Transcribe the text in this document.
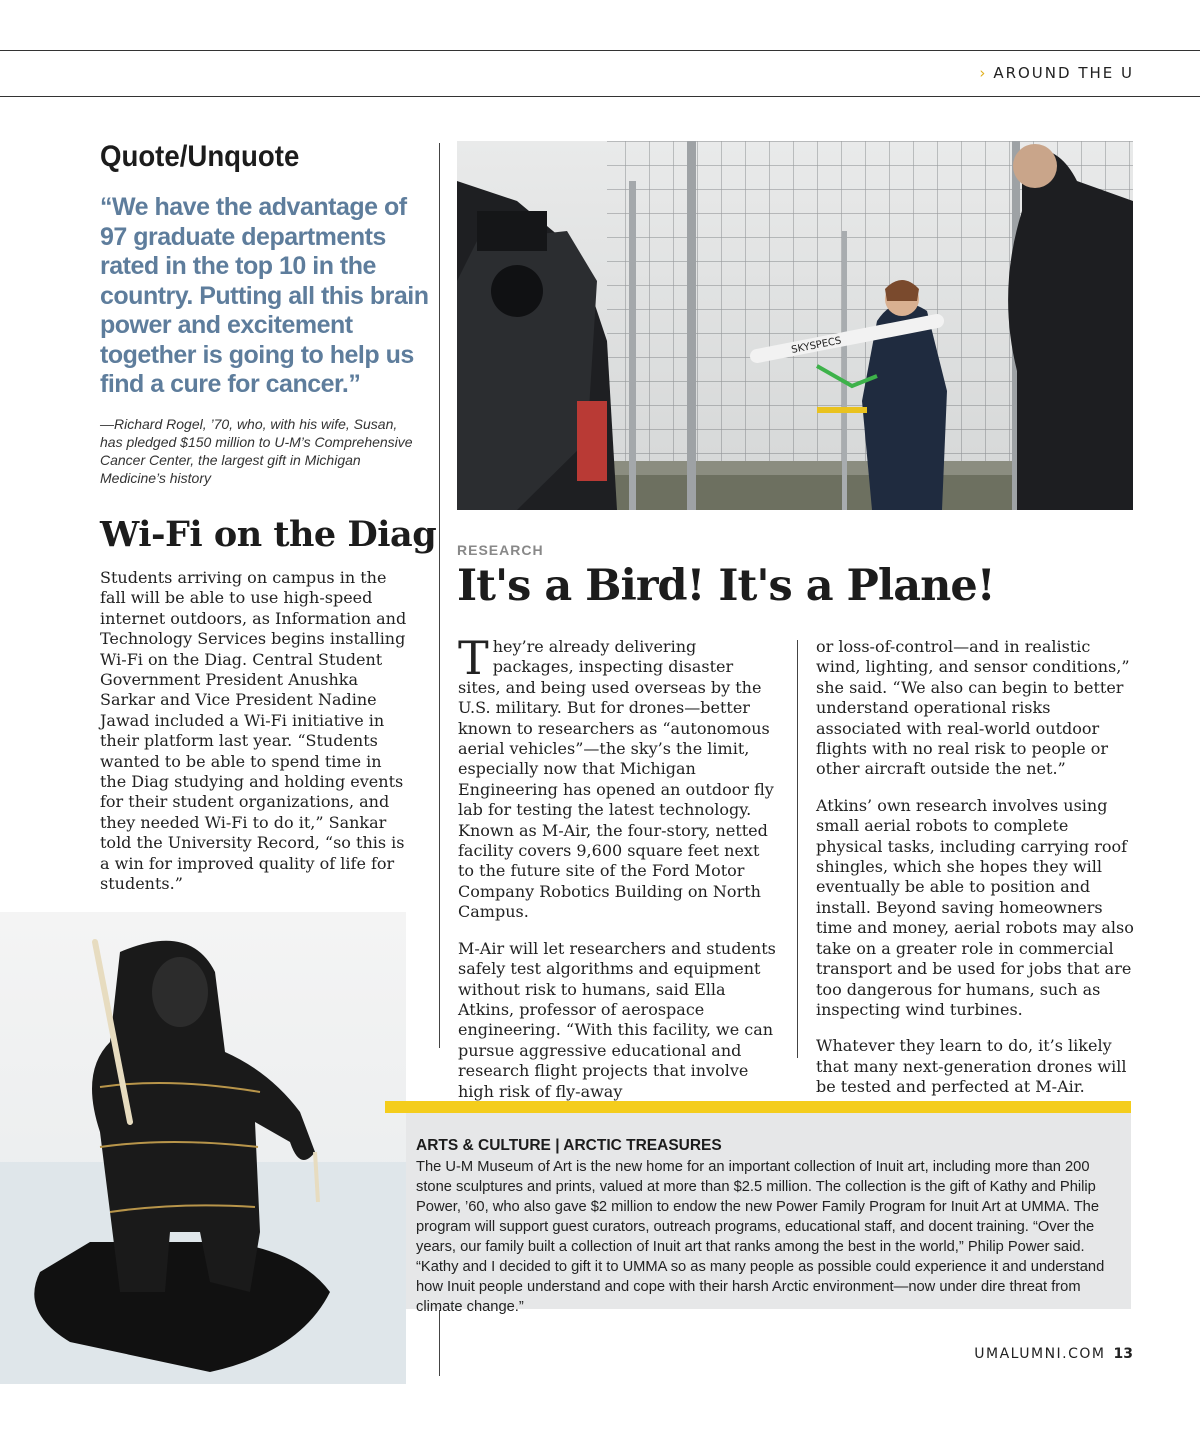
› AROUND THE U
Quote/Unquote
“We have the advantage of 97 graduate departments rated in the top 10 in the country. Putting all this brain power and excitement together is going to help us find a cure for cancer.”
—Richard Rogel, ’70, who, with his wife, Susan, has pledged $150 million to U-M’s Comprehensive Cancer Center, the largest gift in Michigan Medicine’s history
Wi-Fi on the Diag
Students arriving on campus in the fall will be able to use high-speed internet outdoors, as Information and Technology Services begins installing Wi-Fi on the Diag. Central Student Government President Anushka Sarkar and Vice President Nadine Jawad included a Wi-Fi initiative in their platform last year. “Students wanted to be able to spend time in the Diag studying and holding events for their student organizations, and they needed Wi-Fi to do it,” Sankar told the University Record, “so this is a win for improved quality of life for students.”
SKYSPECS
RESEARCH
It's a Bird! It's a Plane!

They’re already delivering packages, inspecting disaster sites, and being used overseas by the U.S. military. But for drones—better known to researchers as “autonomous aerial vehicles”—the sky’s the limit, especially now that Michigan Engineering has opened an outdoor fly lab for testing the latest technology. Known as M-Air, the four-story, netted facility covers 9,600 square feet next to the future site of the Ford Motor Company Robotics Building on North Campus.

M-Air will let researchers and students safely test algorithms and equipment without risk to humans, said Ella Atkins, professor of aerospace engineering. “With this facility, we can pursue aggressive educational and research flight projects that involve high risk of fly-away

or loss-of-control—and in realistic wind, lighting, and sensor conditions,” she said. “We also can begin to better understand operational risks associated with real-world outdoor flights with no real risk to people or other aircraft outside the net.”

Atkins’ own research involves using small aerial robots to complete physical tasks, including carrying roof shingles, which she hopes they will eventually be able to position and install. Beyond saving homeowners time and money, aerial robots may also take on a greater role in commercial transport and be used for jobs that are too dangerous for humans, such as inspecting wind turbines.

Whatever they learn to do, it’s likely that many next-generation drones will be tested and perfected at M-Air.

ARTS & CULTURE | ARCTIC TREASURES
The U-M Museum of Art is the new home for an important collection of Inuit art, including more than 200 stone sculptures and prints, valued at more than $2.5 million. The collection is the gift of Kathy and Philip Power, ’60, who also gave $2 million to endow the new Power Family Program for Inuit Art at UMMA. The program will support guest curators, outreach programs, educational staff, and docent training. “Over the years, our family built a collection of Inuit art that ranks among the best in the world,” Philip Power said. “Kathy and I decided to gift it to UMMA so as many people as possible could experience it and understand how Inuit people understand and cope with their harsh Arctic environment—now under dire threat from climate change.”
UMALUMNI.COM 13
